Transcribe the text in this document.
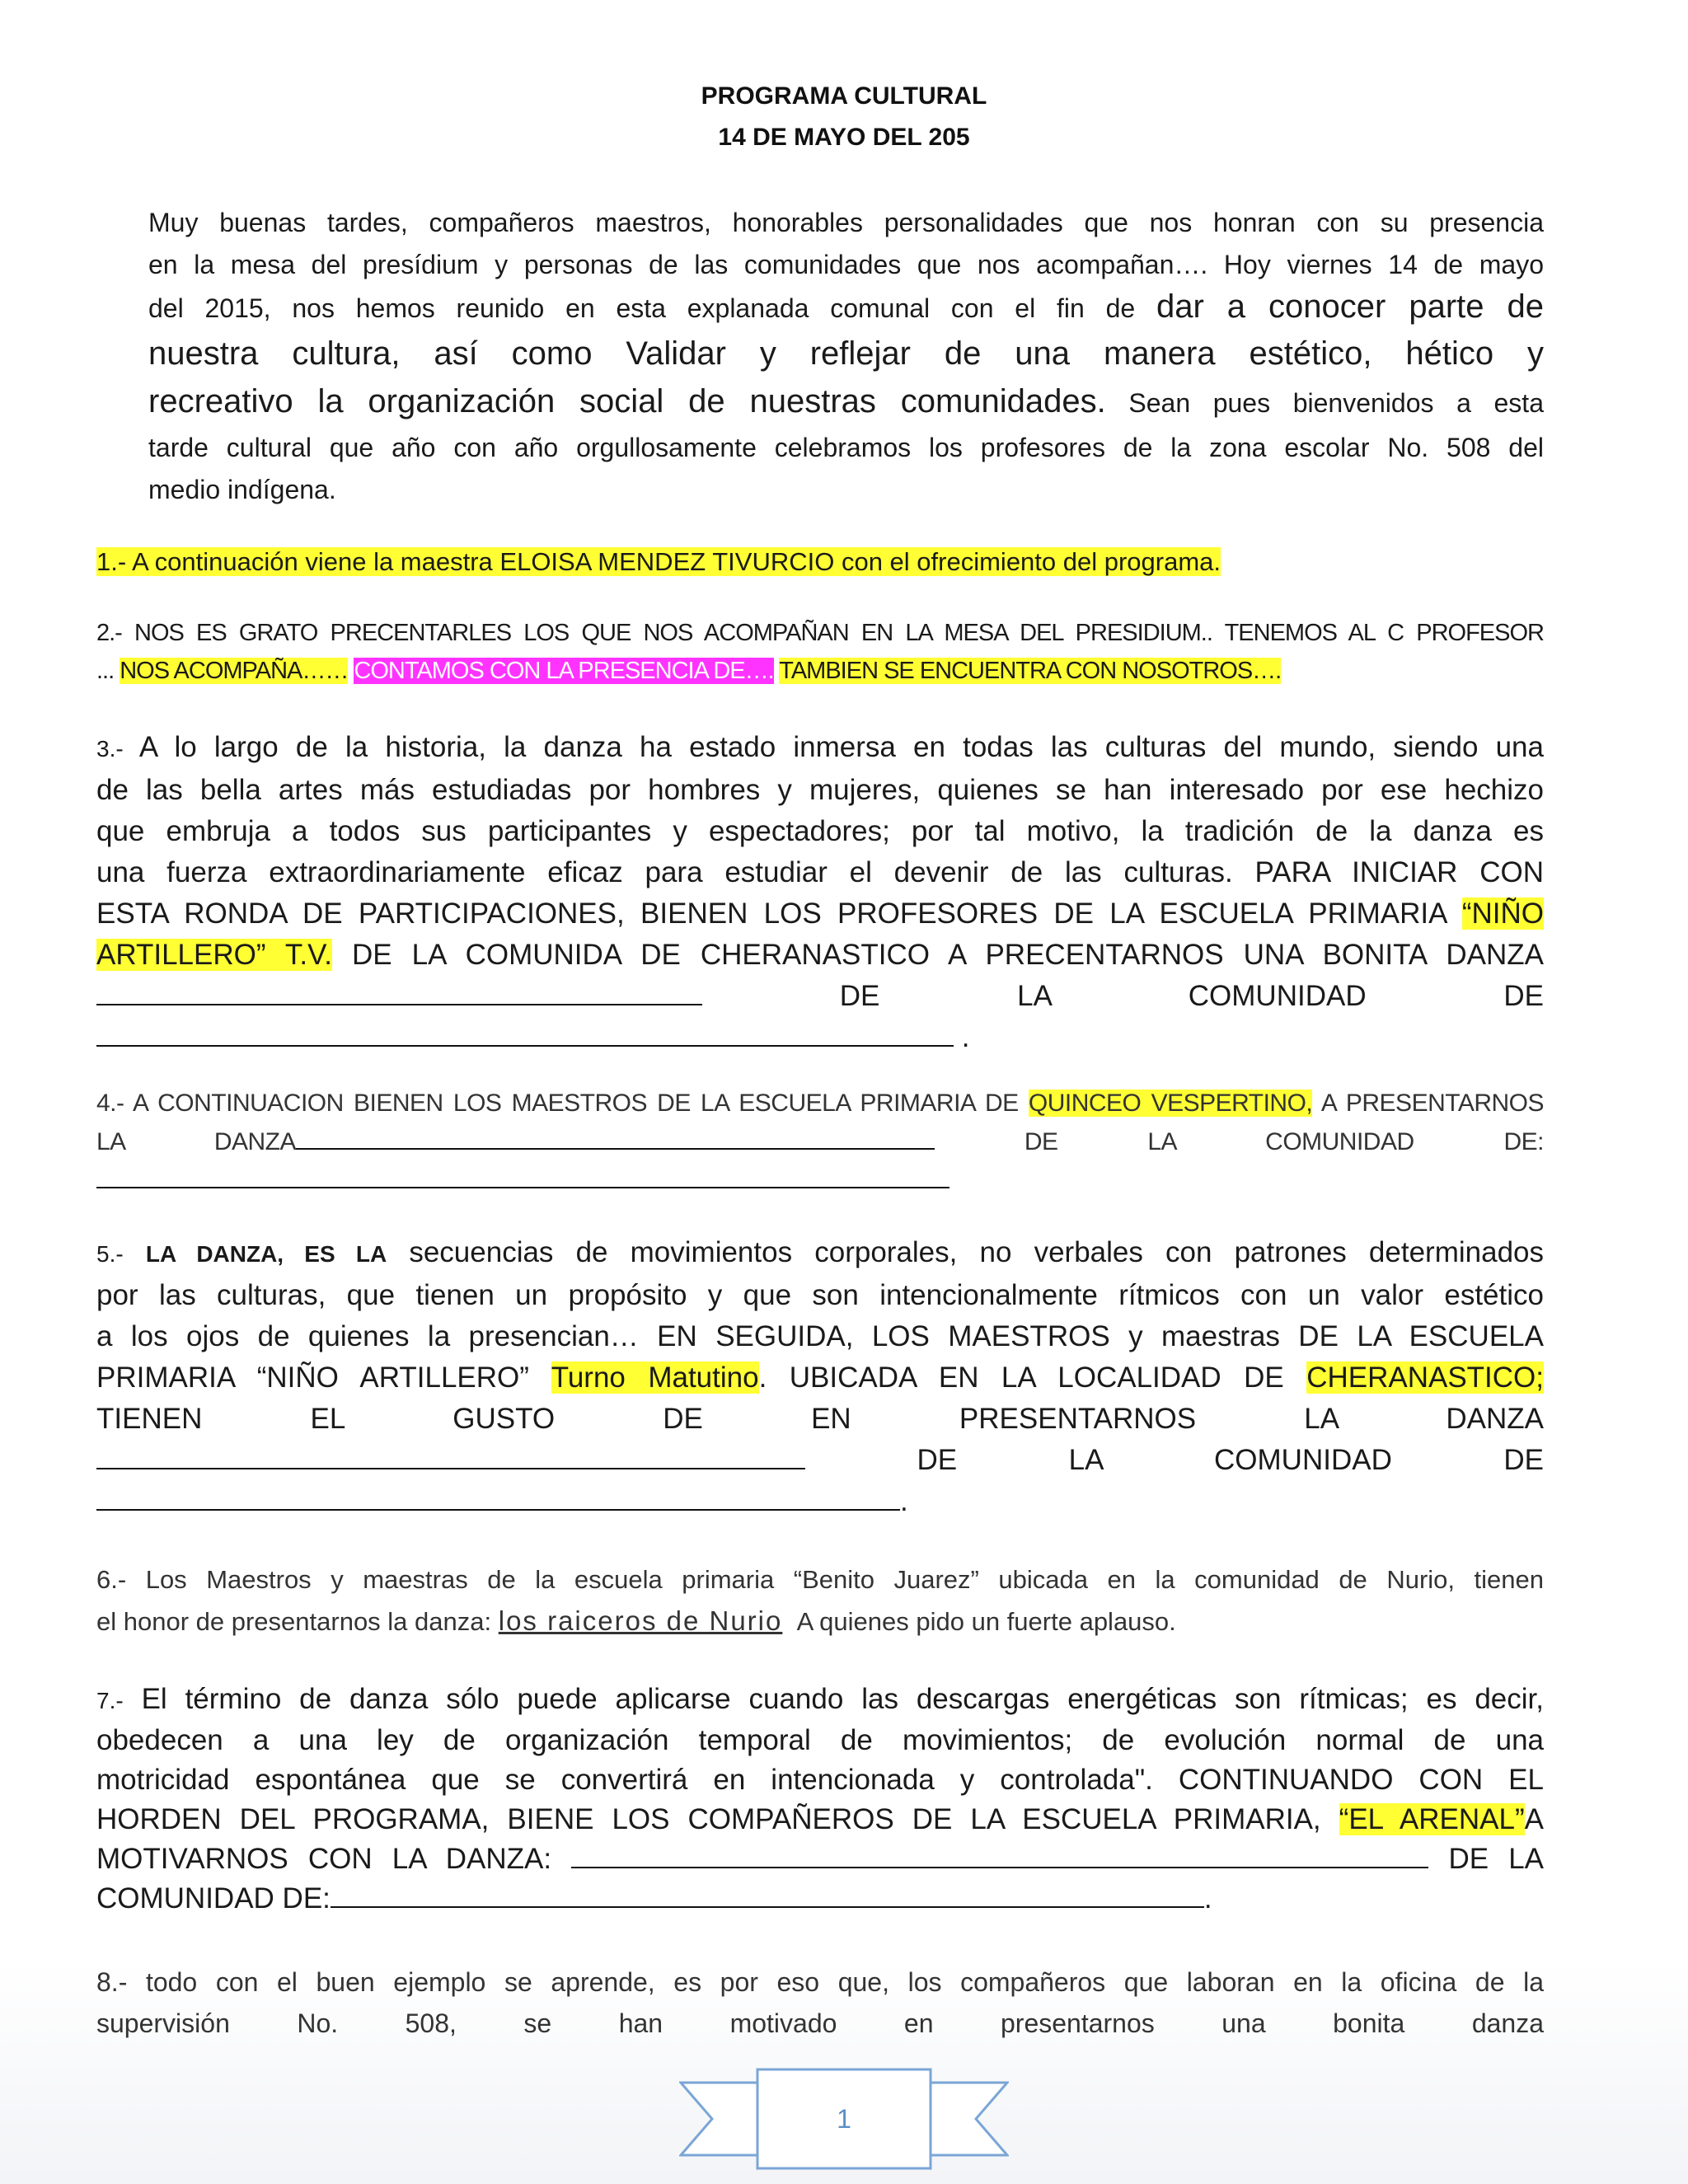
PROGRAMA CULTURAL
14 DE MAYO DEL 205
Muy buenas tardes, compañeros maestros, honorables personalidades que nos honran con su presencia
en la mesa del presídium y personas de las comunidades que nos acompañan…. Hoy viernes 14 de mayo
del 2015, nos hemos reunido en esta explanada comunal con el fin de dar a conocer parte de
nuestra cultura, así como Validar y reflejar de una manera estético, hético y
recreativo la organización social de nuestras comunidades. Sean pues bienvenidos a esta
tarde cultural que año con año orgullosamente celebramos los profesores de la zona escolar No. 508 del
medio indígena.
1.- A continuación viene la maestra ELOISA MENDEZ TIVURCIO con el ofrecimiento del programa.
2.- NOS ES GRATO PRECENTARLES LOS QUE NOS ACOMPAÑAN EN LA MESA DEL PRESIDIUM.. TENEMOS AL C PROFESOR
... NOS ACOMPAÑA…… CONTAMOS CON LA PRESENCIA DE…. TAMBIEN SE ENCUENTRA CON NOSOTROS….
3.- A lo largo de la historia, la danza ha estado inmersa en todas las culturas del mundo, siendo una
de las bella artes más estudiadas por hombres y mujeres, quienes se han interesado por ese hechizo
que embruja a todos sus participantes y espectadores; por tal motivo, la tradición de la danza es
una fuerza extraordinariamente eficaz para estudiar el devenir de las culturas. PARA INICIAR CON
ESTA RONDA DE PARTICIPACIONES, BIENEN LOS PROFESORES DE LA ESCUELA PRIMARIA “NIÑO
ARTILLERO” T.V. DE LA COMUNIDA DE CHERANASTICO A PRECENTARNOS UNA BONITA DANZA
DE	LA	COMUNIDAD	DE
.
4.- A CONTINUACION BIENEN LOS MAESTROS DE LA ESCUELA PRIMARIA DE QUINCEO VESPERTINO, A PRESENTARNOS
LA	DANZA	DE	LA	COMUNIDAD	DE:
5.- LA DANZA, ES LA secuencias de movimientos corporales, no verbales con patrones determinados
por las culturas, que tienen un propósito y que son intencionalmente rítmicos con un valor estético
a los ojos de quienes la presencian… EN SEGUIDA, LOS MAESTROS y maestras DE LA ESCUELA
PRIMARIA “NIÑO ARTILLERO” Turno Matutino. UBICADA EN LA LOCALIDAD DE CHERANASTICO;
TIENEN EL GUSTO DE EN PRESENTARNOS LA DANZA
DE	LA	COMUNIDAD	DE
.
6.- Los Maestros y maestras de la escuela primaria “Benito Juarez” ubicada en la comunidad de Nurio, tienen
el honor de presentarnos la danza: los raiceros de Nurio A quienes pido un fuerte aplauso.
7.- El término de danza sólo puede aplicarse cuando las descargas energéticas son rítmicas; es decir,
obedecen a una ley de organización temporal de movimientos; de evolución normal de una
motricidad espontánea que se convertirá en intencionada y controlada". CONTINUANDO CON EL
HORDEN DEL PROGRAMA, BIENE LOS COMPAÑEROS DE LA ESCUELA PRIMARIA, “EL ARENAL”A
MOTIVARNOS CON LA DANZA:	DE LA
COMUNIDAD DE:	.
8.- todo con el buen ejemplo se aprende, es por eso que, los compañeros que laboran en la oficina de la
supervisión No. 508, se han motivado en presentarnos una bonita danza
1
